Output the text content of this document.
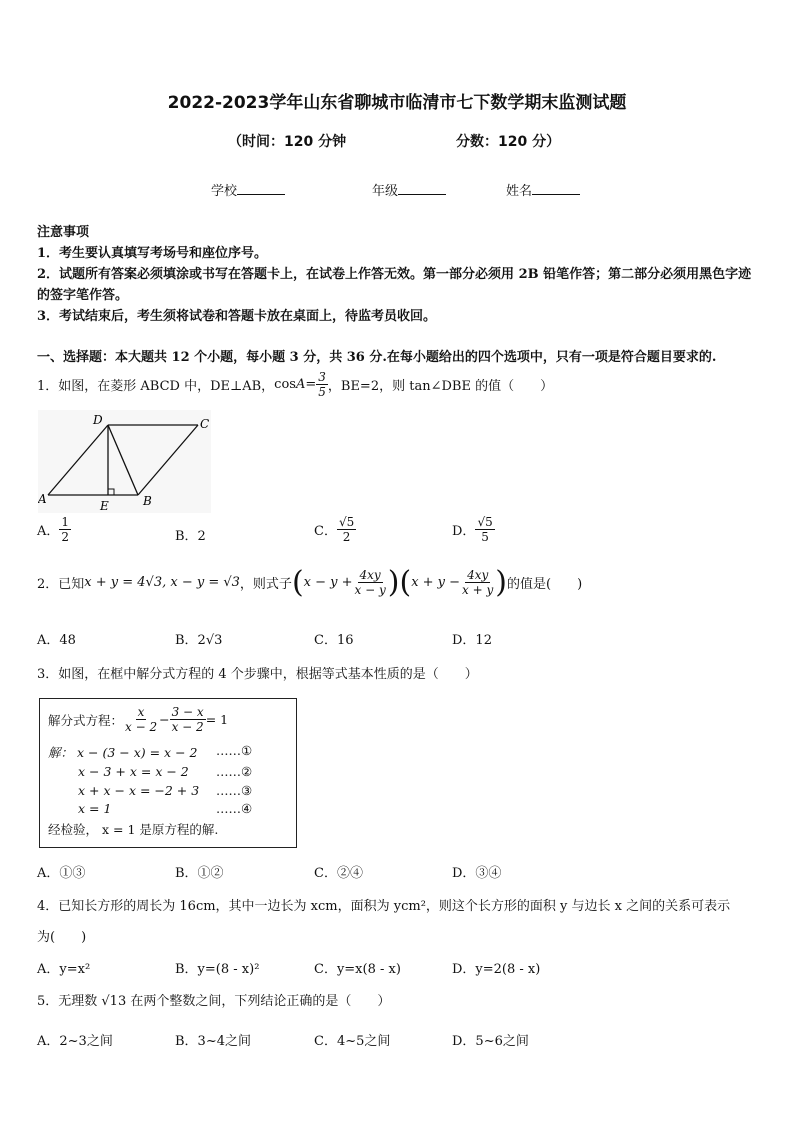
2022-2023学年山东省聊城市临清市七下数学期末监测试题
（时间：120 分钟	分数：120 分）
学校	年级	姓名
注意事项
1．考生要认真填写考场号和座位序号。
2．试题所有答案必须填涂或书写在答题卡上，在试卷上作答无效。第一部分必须用 2B 铅笔作答；第二部分必须用黑色字迹的签字笔作答。
3．考试结束后，考生须将试卷和答题卡放在桌面上，待监考员收回。
一、选择题：本大题共 12 个小题，每小题 3 分，共 36 分.在每小题给出的四个选项中，只有一项是符合题目要求的.
1．如图，在菱形 ABCD 中，DE⊥AB， $\cos A = \frac{3}{5}$ ，BE=2，则 tan∠DBE 的值（　　）
D	C
A	E	B
A． $\frac{1}{2}$	B．2	C． $\frac{√5}{2}$	D． $\frac{√5}{5}$
2．已知 x + y = 4√3, x − y = √3 ，则式子 ( $x - y + \frac{4xy}{x - y}$ ) ( $x + y - \frac{4xy}{x + y}$ ) 的值是(　　)
A．48	B．2√3	C．16	D．12
3．如图，在框中解分式方程的 4 个步骤中，根据等式基本性质的是（　　）
解分式方程： $\frac{x}{x - 2} - \frac{3 - x}{x - 2} = 1$
解： x − (3 − x) = x − 2 ……①
x − 3 + x = x − 2 ……②
x + x − x = −2 + 3 ……③
x = 1	……④
经检验， x = 1 是原方程的解.
A．①③	B．①②	C．②④	D．③④
4．已知长方形的周长为 16cm，其中一边长为 xcm，面积为 ycm²，则这个长方形的面积 y 与边长 x 之间的关系可表示
为(　　)
A．y=x²	B．y=(8 - x)²	C．y=x(8 - x)	D．y=2(8 - x)
5．无理数 √13 在两个整数之间，下列结论正确的是（　　）
A．2~3之间	B．3~4之间	C．4~5之间	D．5~6之间
